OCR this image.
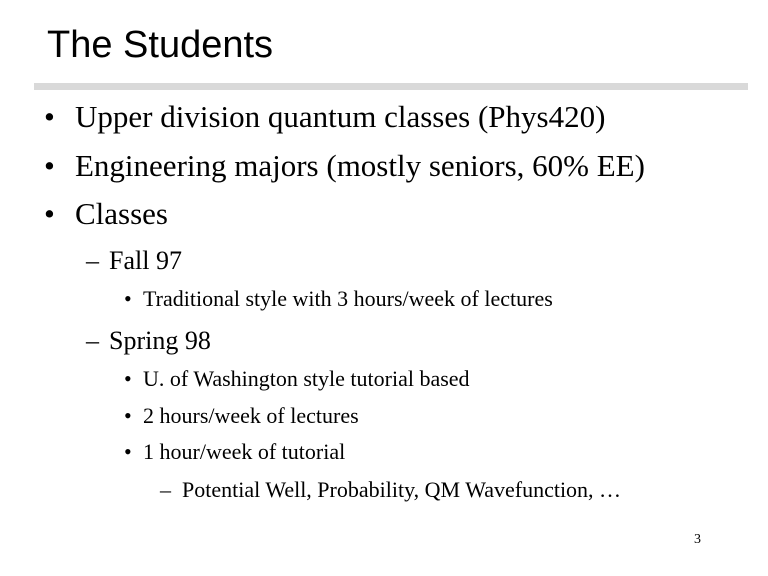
The Students
• Upper division quantum classes (Phys420)
• Engineering majors (mostly seniors, 60% EE)
• Classes
– Fall 97
• Traditional style with 3 hours/week of lectures
– Spring 98
• U. of Washington style tutorial based
• 2 hours/week of lectures
• 1 hour/week of tutorial
– Potential Well, Probability, QM Wavefunction, …
3
